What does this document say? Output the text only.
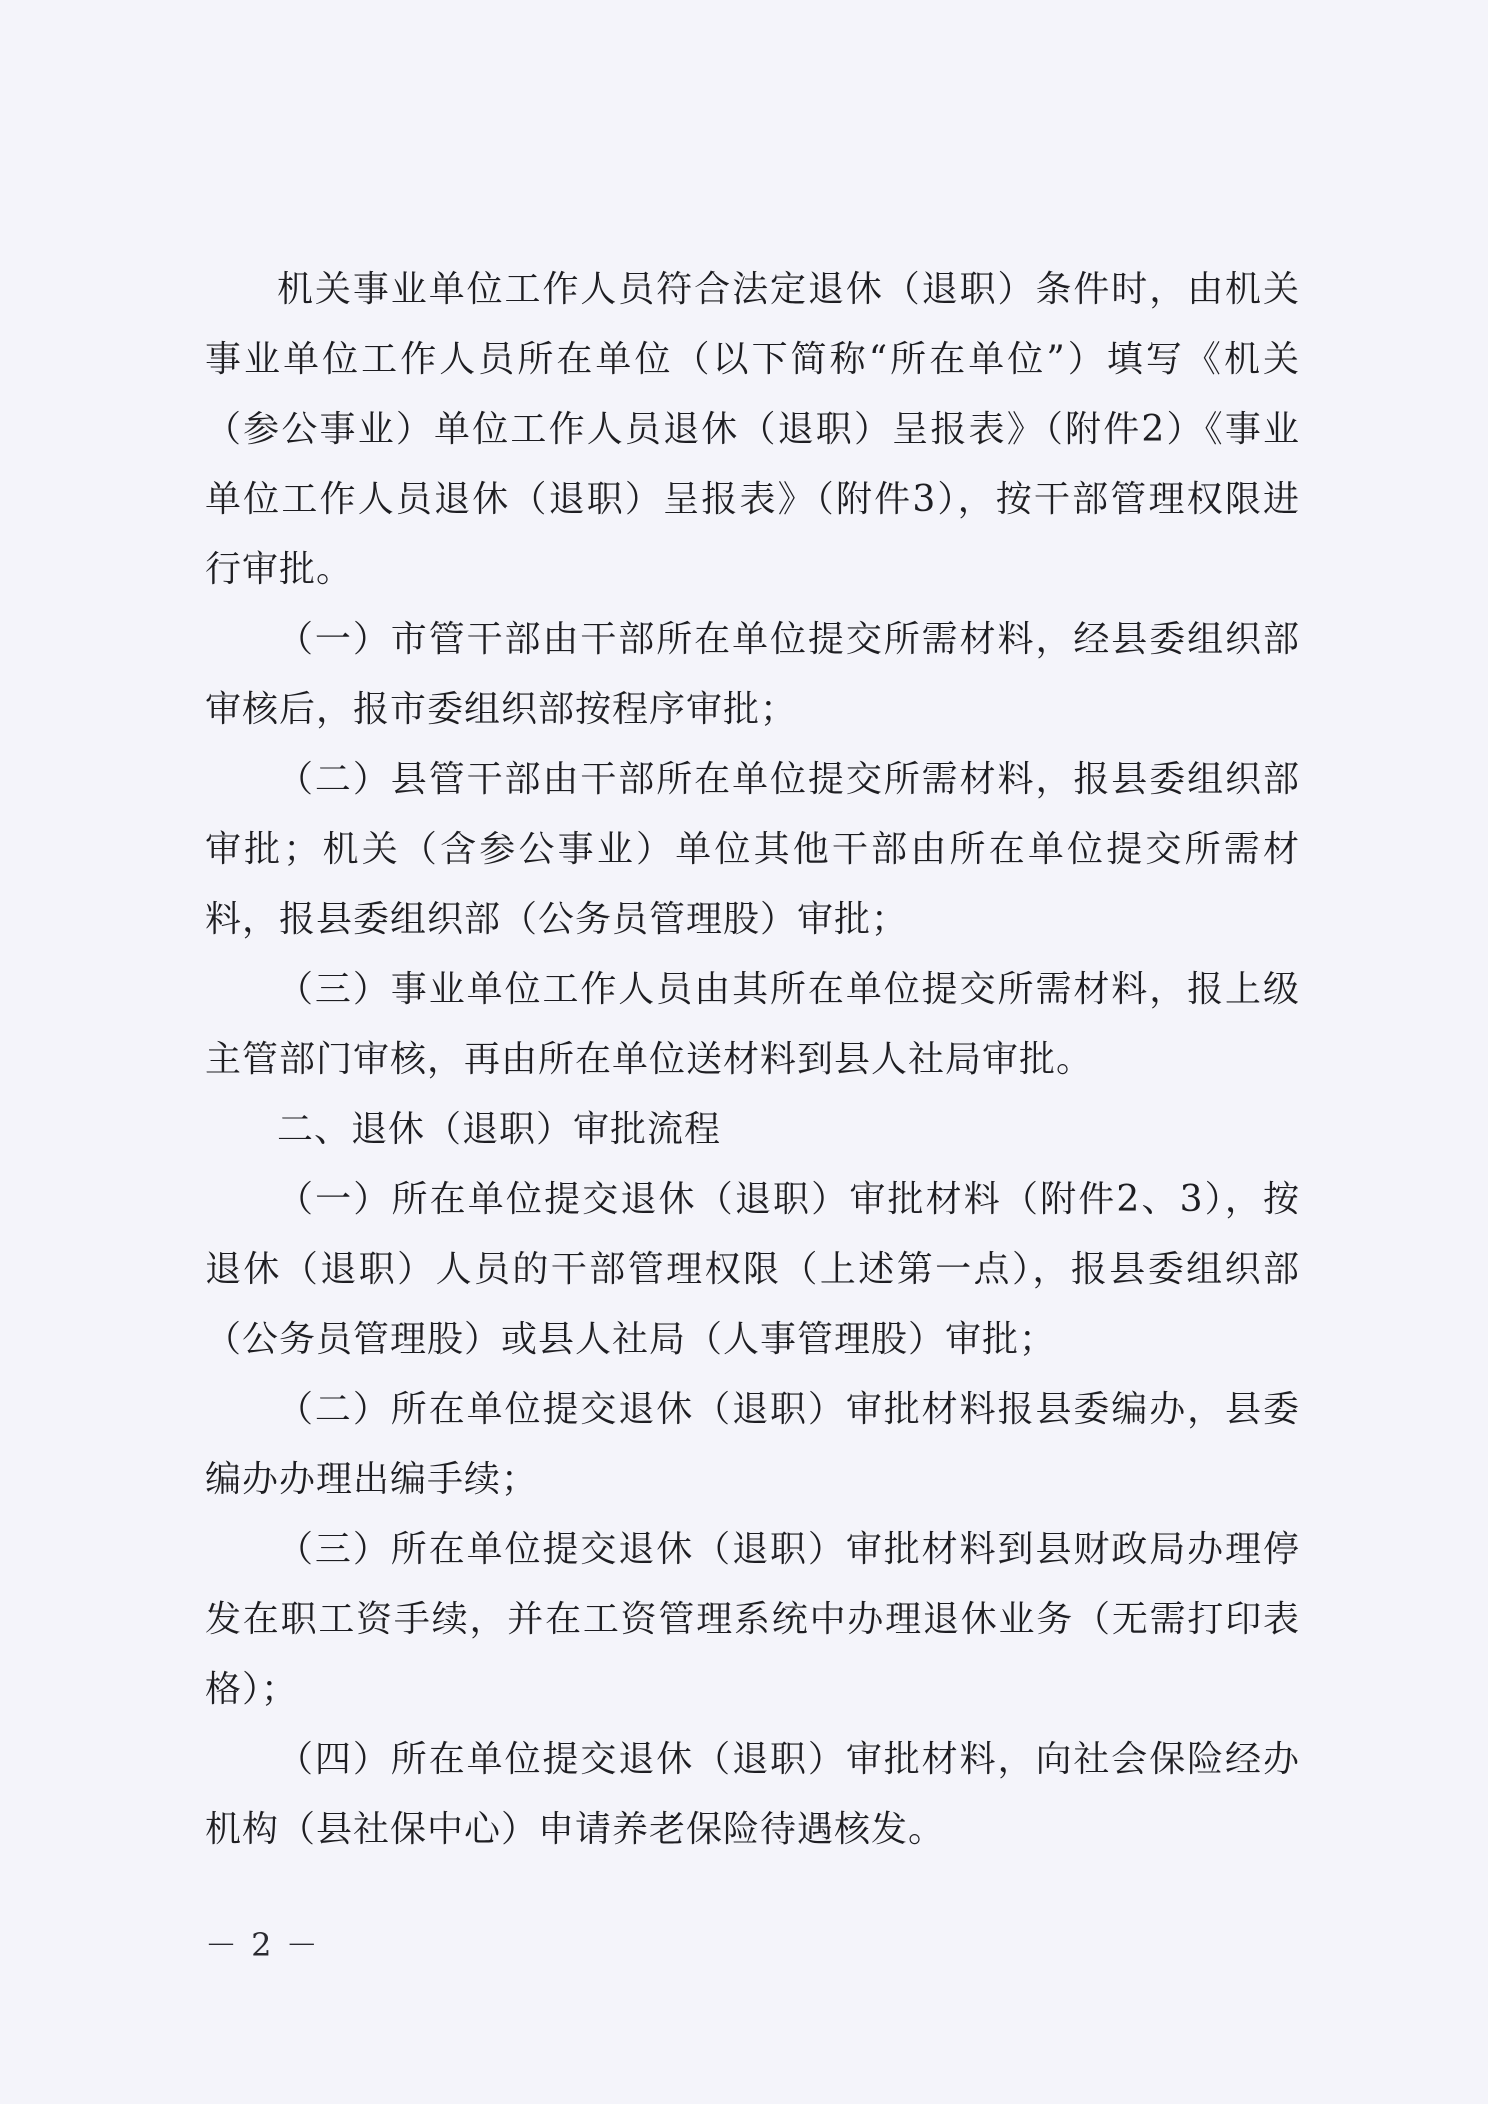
机关事业单位工作人员符合法定退休（退职）条件时，由机关事业单位工作人员所在单位（以下简称“所在单位”）填写《机关（参公事业）单位工作人员退休（退职）呈报表》（附件2）《事业单位工作人员退休（退职）呈报表》（附件3），按干部管理权限进行审批。

（一）市管干部由干部所在单位提交所需材料，经县委组织部审核后，报市委组织部按程序审批；

（二）县管干部由干部所在单位提交所需材料，报县委组织部审批；机关（含参公事业）单位其他干部由所在单位提交所需材料，报县委组织部（公务员管理股）审批；

（三）事业单位工作人员由其所在单位提交所需材料，报上级主管部门审核，再由所在单位送材料到县人社局审批。

二、退休（退职）审批流程

（一）所在单位提交退休（退职）审批材料（附件2、3），按退休（退职）人员的干部管理权限（上述第一点），报县委组织部（公务员管理股）或县人社局（人事管理股）审批；

（二）所在单位提交退休（退职）审批材料报县委编办，县委编办办理出编手续；

（三）所在单位提交退休（退职）审批材料到县财政局办理停发在职工资手续，并在工资管理系统中办理退休业务（无需打印表格）；

（四）所在单位提交退休（退职）审批材料，向社会保险经办机构（县社保中心）申请养老保险待遇核发。

－ 2 －
